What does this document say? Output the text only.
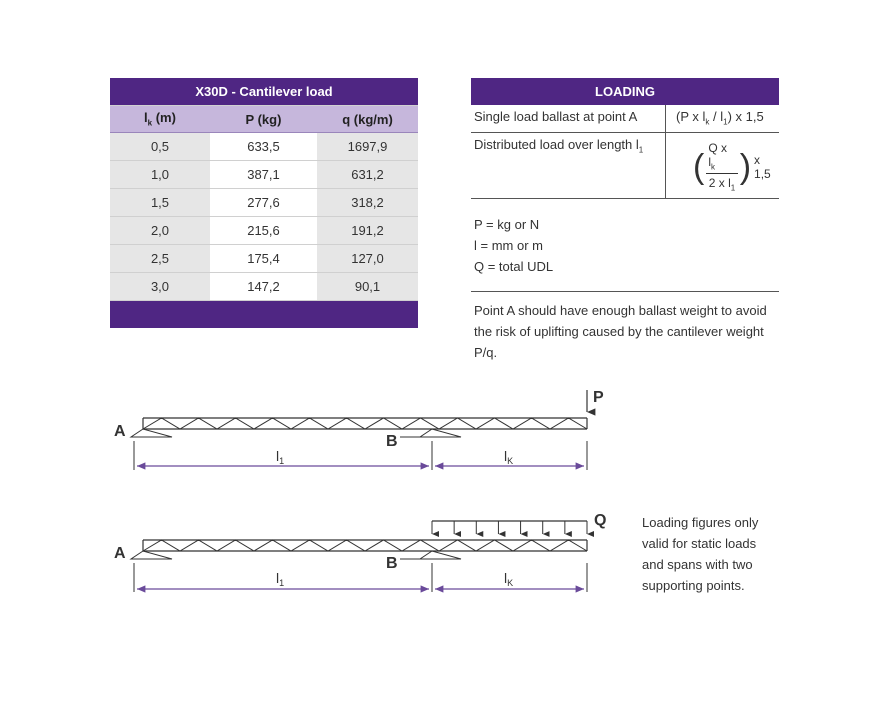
X30D - Cantilever load		
$l_k$ (m)	P (kg)	q (kg/m)
0,5	633,5	1697,9
1,0	387,1	631,2
1,5	277,6	318,2
2,0	215,6	191,2
2,5	175,4	127,0
3,0	147,2	90,1

LOADING
Single load ballast at point A	(P x $l_k / l_1$) x 1,5
Distributed load over length $l_1$	( $\frac{Q x l_k}{2 x l_1}$ ) x 1,5
P = kg or N
l = mm or m
Q = total UDL
Point A should have enough ballast weight to avoid the risk of uplifting caused by the cantilever weight P/q.
P
A
B
$l_1$	$l_K$
Q
A
B
$l_1$	$l_K$
Loading figures only valid for static loads and spans with two supporting points.
